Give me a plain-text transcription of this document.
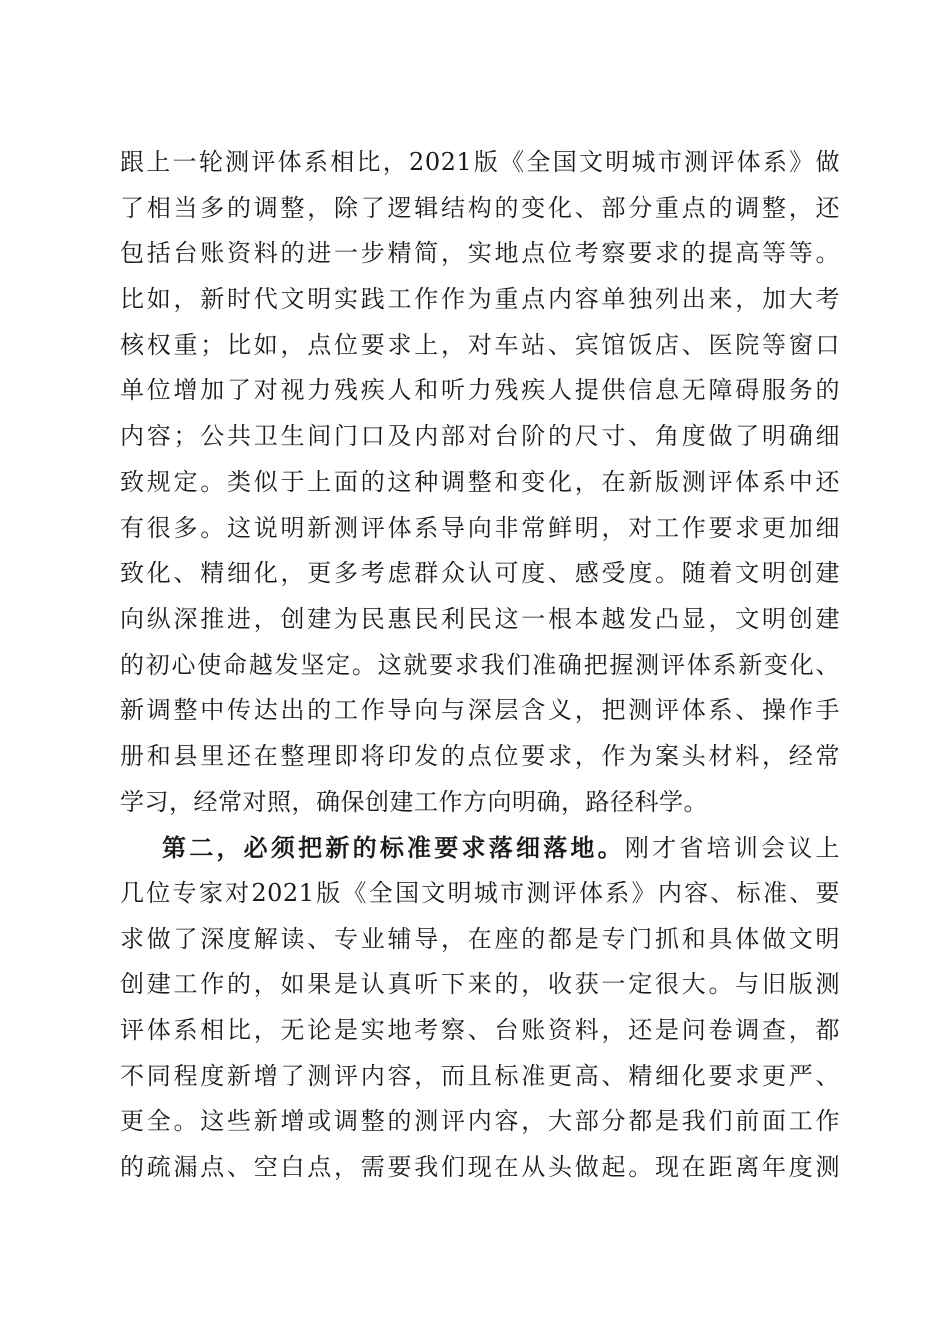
跟上一轮测评体系相比，2021版《全国文明城市测评体系》做
了相当多的调整，除了逻辑结构的变化、部分重点的调整，还
包括台账资料的进一步精简，实地点位考察要求的提高等等。
比如，新时代文明实践工作作为重点内容单独列出来，加大考
核权重；比如，点位要求上，对车站、宾馆饭店、医院等窗口
单位增加了对视力残疾人和听力残疾人提供信息无障碍服务的
内容；公共卫生间门口及内部对台阶的尺寸、角度做了明确细
致规定。类似于上面的这种调整和变化，在新版测评体系中还
有很多。这说明新测评体系导向非常鲜明，对工作要求更加细
致化、精细化，更多考虑群众认可度、感受度。随着文明创建
向纵深推进，创建为民惠民利民这一根本越发凸显，文明创建
的初心使命越发坚定。这就要求我们准确把握测评体系新变化、
新调整中传达出的工作导向与深层含义，把测评体系、操作手
册和县里还在整理即将印发的点位要求，作为案头材料，经常
学习，经常对照，确保创建工作方向明确，路径科学。
第二，必须把新的标准要求落细落地。刚才省培训会议上
几位专家对2021版《全国文明城市测评体系》内容、标准、要
求做了深度解读、专业辅导，在座的都是专门抓和具体做文明
创建工作的，如果是认真听下来的，收获一定很大。与旧版测
评体系相比，无论是实地考察、台账资料，还是问卷调查，都
不同程度新增了测评内容，而且标准更高、精细化要求更严、
更全。这些新增或调整的测评内容，大部分都是我们前面工作
的疏漏点、空白点，需要我们现在从头做起。现在距离年度测
